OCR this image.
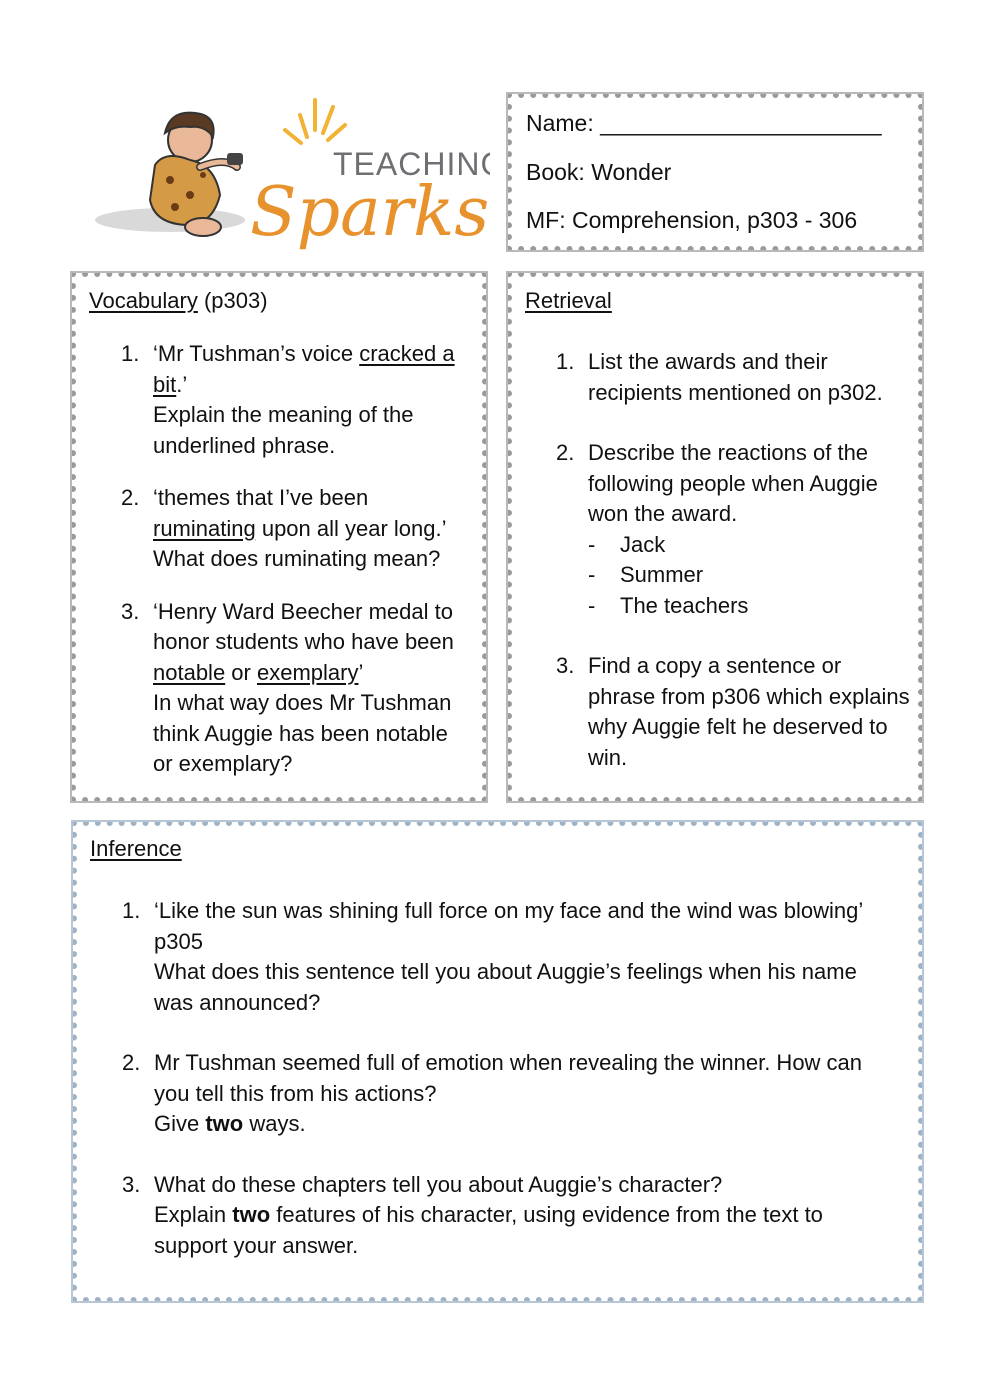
TEACHING
Sparks
Name: ______________________
Book: Wonder
MF: Comprehension, p303 - 306
Vocabulary (p303)
1. ‘Mr Tushman’s voice cracked a bit.’
Explain the meaning of the underlined phrase.
2. ‘themes that I’ve been ruminating upon all year long.’
What does ruminating mean?
3. ‘Henry Ward Beecher medal to honor students who have been notable or exemplary’
In what way does Mr Tushman think Auggie has been notable or exemplary?
Retrieval
1. List the awards and their recipients mentioned on p302.
2. Describe the reactions of the following people when Auggie won the award.
- Jack
- Summer
- The teachers
3. Find a copy a sentence or phrase from p306 which explains why Auggie felt he deserved to win.
Inference
1. ‘Like the sun was shining full force on my face and the wind was blowing’ p305
What does this sentence tell you about Auggie’s feelings when his name was announced?
2. Mr Tushman seemed full of emotion when revealing the winner. How can you tell this from his actions?
Give two ways.
3. What do these chapters tell you about Auggie’s character?
Explain two features of his character, using evidence from the text to support your answer.
